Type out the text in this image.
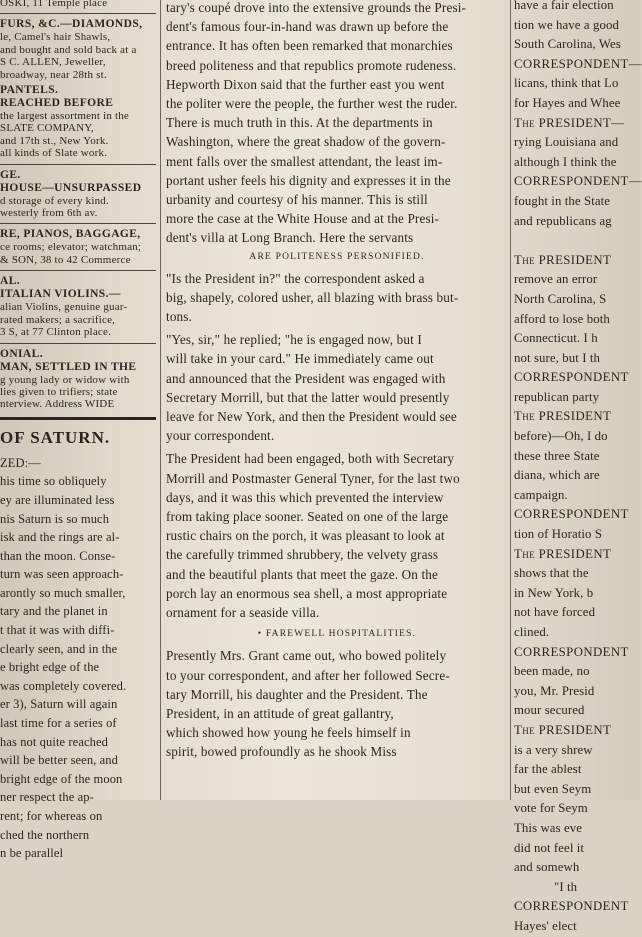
OSKI, 11 Temple place
FURS, &C.—DIAMONDS,
le, Camel's hair Shawls,
and bought and sold back at a
S C. ALLEN, Jeweller,
broadway, near 28th st.
PANTELS.
REACHED BEFORE
the largest assortment in the
SLATE COMPANY,
and 17th st., New York.
all kinds of Slate work.
GE.
HOUSE—UNSURPASSED
d storage of every kind.
westerly from 6th av.
RE, PIANOS, BAGGAGE,
ce rooms; elevator; watchman;
& SON, 38 to 42 Commerce
AL.
ITALIAN VIOLINS.—
alian Violins, genuine guar-
rated makers; a sacrifice,
3 S, at 77 Clinton place.
ONIAL.
MAN, SETTLED IN THE
g young lady or widow with
lies given to trifiers; state
nterview. Address WIDE
OF SATURN.
ZED:—
his time so obliquely
ey are illuminated less
nis Saturn is so much
isk and the rings are al-
than the moon. Conse-
turn was seen approach-
arontly so much smaller,
tary and the planet in
t that it was with diffi-
clearly seen, and in the
e bright edge of the
was completely covered.
er 3), Saturn will again
last time for a series of
has not quite reached
will be better seen, and
bright edge of the moon
ner respect the ap-
rent; for whereas on
ched the northern
n be parallel
tary's coupé drove into the extensive grounds the Presi-
dent's famous four-in-hand was drawn up before the
entrance. It has often been remarked that monarchies
breed politeness and that republics promote rudeness.
Hepworth Dixon said that the further east you went
the politer were the people, the further west the ruder.
There is much truth in this. At the departments in
Washington, where the great shadow of the govern-
ment falls over the smallest attendant, the least im-
portant usher feels his dignity and expresses it in the
urbanity and courtesy of his manner. This is still
more the case at the White House and at the Presi-
dent's villa at Long Branch. Here the servants
ARE POLITENESS PERSONIFIED.
"Is the President in?" the correspondent asked a
big, shapely, colored usher, all blazing with brass but-
tons.
"Yes, sir," he replied; "he is engaged now, but I
will take in your card." He immediately came out
and announced that the President was engaged with
Secretary Morrill, but that the latter would presently
leave for New York, and then the President would see
your correspondent.
The President had been engaged, both with Secretary
Morrill and Postmaster General Tyner, for the last two
days, and it was this which prevented the interview
from taking place sooner. Seated on one of the large
rustic chairs on the porch, it was pleasant to look at
the carefully trimmed shrubbery, the velvety grass
and the beautiful plants that meet the gaze. On the
porch lay an enormous sea shell, a most appropriate
ornament for a seaside villa.
• FAREWELL HOSPITALITIES.
Presently Mrs. Grant came out, who bowed politely
to your correspondent, and after her followed Secre-
tary Morrill, his daughter and the President. The
President, in an attitude of great gallantry,
which showed how young he feels himself in
spirit, bowed profoundly as he shook Miss
have a fair election
tion we have a good
South Carolina, Wes
CORRESPONDENT—
licans, think that Lo
for Hayes and Whee
The PRESIDENT—
rying Louisiana and
although I think the
CORRESPONDENT—
fought in the State
and republicans ag
The PRESIDENT
remove an error
North Carolina, S
afford to lose both
Connecticut. I h
not sure, but I th
CORRESPONDENT
republican party
The PRESIDENT
before)—Oh, I do
these three State
diana, which are
campaign.
CORRESPONDENT
tion of Horatio S
The PRESIDENT
shows that the
in New York, b
not have forced
clined.
CORRESPONDENT
been made, no
you, Mr. Presid
mour secured
The PRESIDENT
is a very shrew
far the ablest
but even Seym
vote for Seym
This was eve
did not feel it
and somewh
"I th
CORRESPONDENT
Hayes' elect
